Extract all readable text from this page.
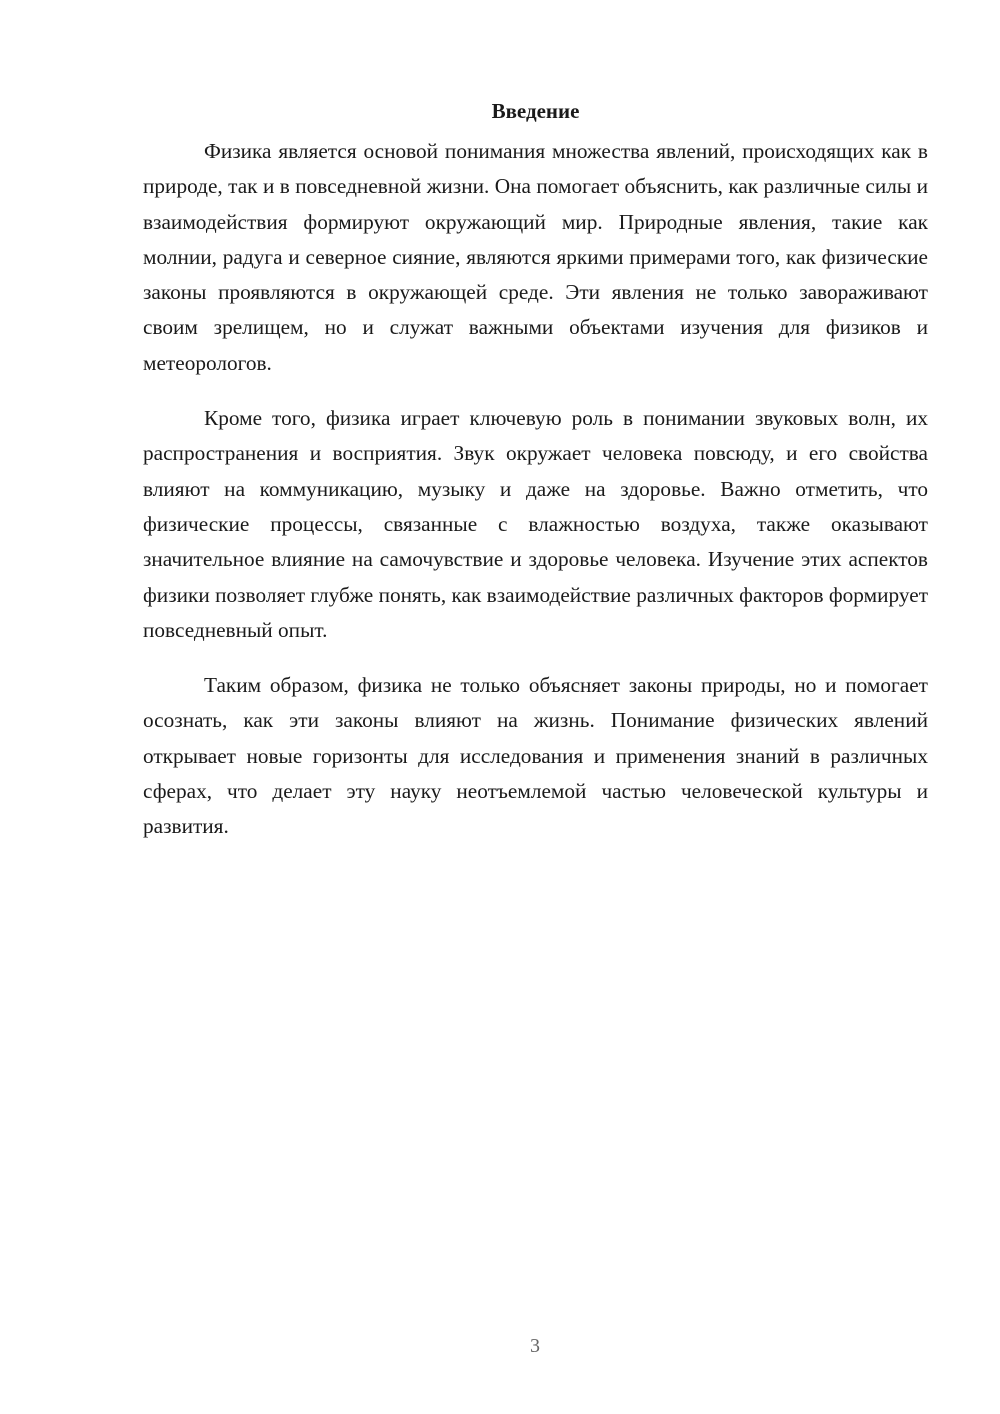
Введение

Физика является основой понимания множества явлений, происходящих как в природе, так и в повседневной жизни. Она помогает объяснить, как различные силы и взаимодействия формируют окружающий мир. Природные явления, такие как молнии, радуга и северное сияние, являются яркими примерами того, как физические законы проявляются в окружающей среде. Эти явления не только завораживают своим зрелищем, но и служат важными объектами изучения для физиков и метеорологов.

Кроме того, физика играет ключевую роль в понимании звуковых волн, их распространения и восприятия. Звук окружает человека повсюду, и его свойства влияют на коммуникацию, музыку и даже на здоровье. Важно отметить, что физические процессы, связанные с влажностью воздуха, также оказывают значительное влияние на самочувствие и здоровье человека. Изучение этих аспектов физики позволяет глубже понять, как взаимодействие различных факторов формирует повседневный опыт.

Таким образом, физика не только объясняет законы природы, но и помогает осознать, как эти законы влияют на жизнь. Понимание физических явлений открывает новые горизонты для исследования и применения знаний в различных сферах, что делает эту науку неотъемлемой частью человеческой культуры и развития.

3
